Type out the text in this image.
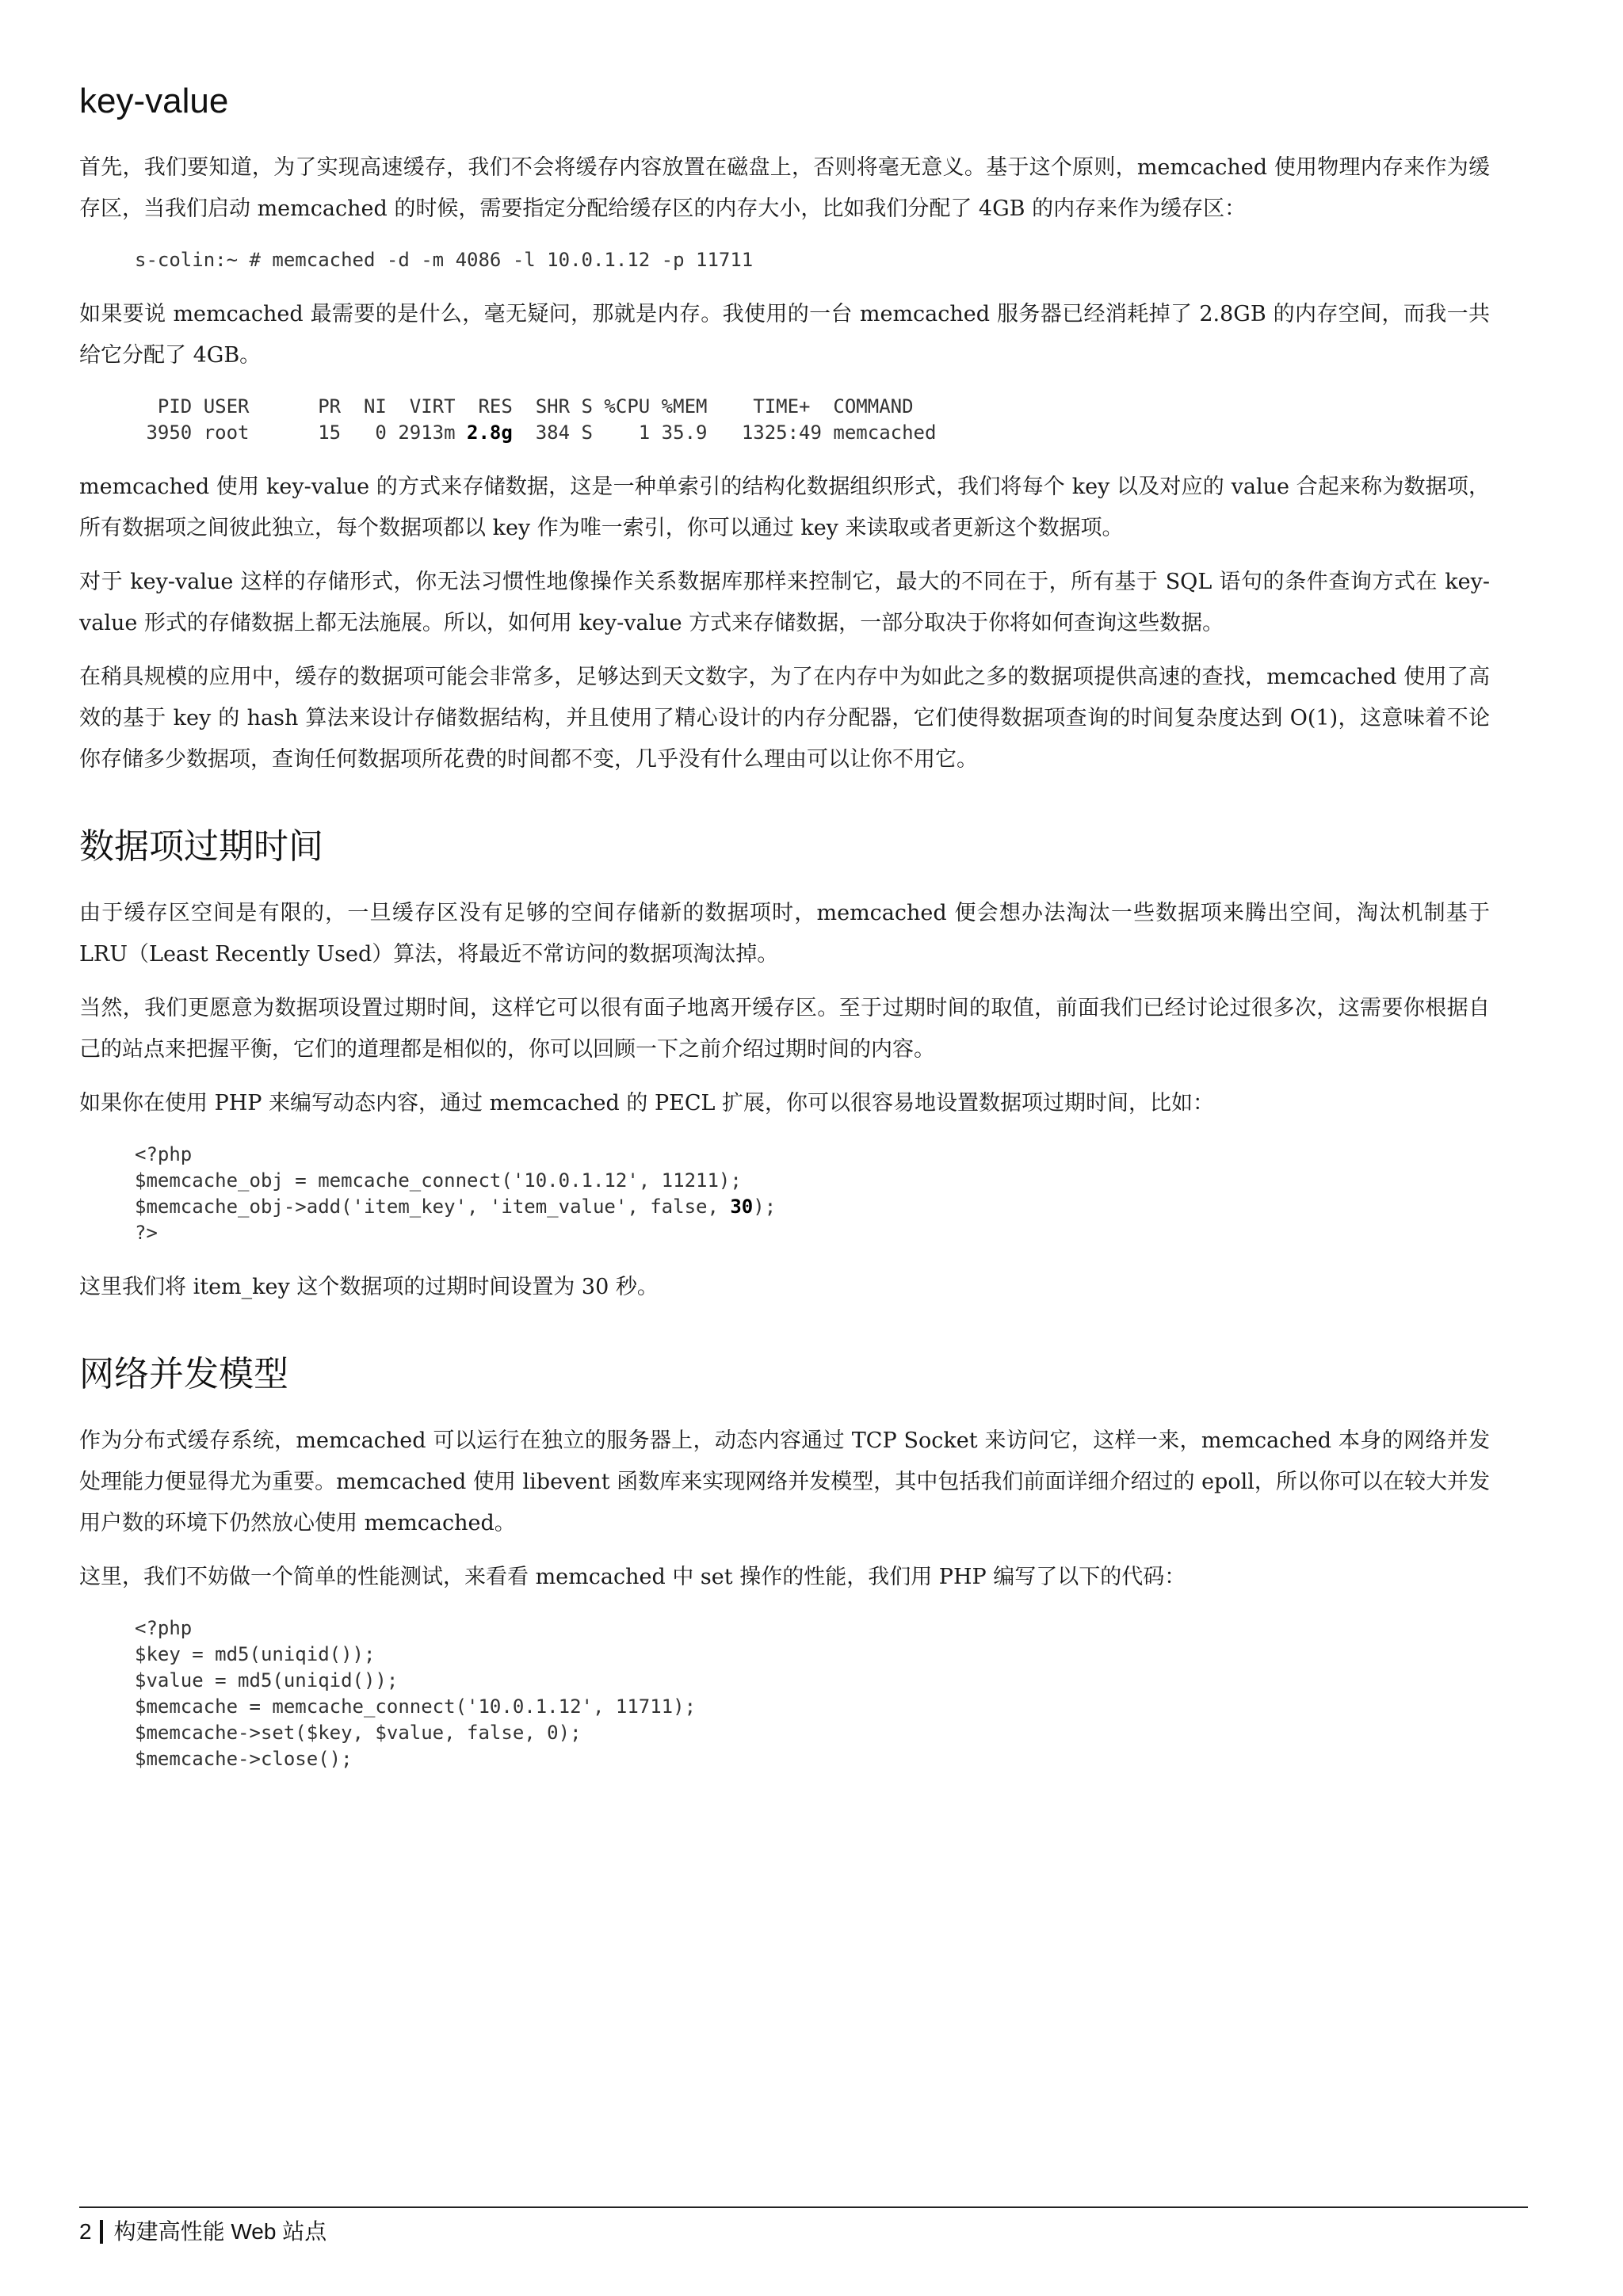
key-value

首先，我们要知道，为了实现高速缓存，我们不会将缓存内容放置在磁盘上，否则将毫无意义。基于这个原则，memcached 使用物理内存来作为缓存区，当我们启动 memcached 的时候，需要指定分配给缓存区的内存大小，比如我们分配了 4GB 的内存来作为缓存区：

s-colin:~ # memcached -d -m 4086 -l 10.0.1.12 -p 11711

如果要说 memcached 最需要的是什么，毫无疑问，那就是内存。我使用的一台 memcached 服务器已经消耗掉了 2.8GB 的内存空间，而我一共给它分配了 4GB。

PID USER      PR  NI  VIRT  RES  SHR S %CPU %MEM    TIME+  COMMAND
3950 root      15   0 2913m 2.8g  384 S    1 35.9   1325:49 memcached

memcached 使用 key-value 的方式来存储数据，这是一种单索引的结构化数据组织形式，我们将每个 key 以及对应的 value 合起来称为数据项，所有数据项之间彼此独立，每个数据项都以 key 作为唯一索引，你可以通过 key 来读取或者更新这个数据项。

对于 key-value 这样的存储形式，你无法习惯性地像操作关系数据库那样来控制它，最大的不同在于，所有基于 SQL 语句的条件查询方式在 key-value 形式的存储数据上都无法施展。所以，如何用 key-value 方式来存储数据，一部分取决于你将如何查询这些数据。

在稍具规模的应用中，缓存的数据项可能会非常多，足够达到天文数字，为了在内存中为如此之多的数据项提供高速的查找，memcached 使用了高效的基于 key 的 hash 算法来设计存储数据结构，并且使用了精心设计的内存分配器，它们使得数据项查询的时间复杂度达到 O(1)，这意味着不论你存储多少数据项，查询任何数据项所花费的时间都不变，几乎没有什么理由可以让你不用它。

数据项过期时间

由于缓存区空间是有限的，一旦缓存区没有足够的空间存储新的数据项时，memcached 便会想办法淘汰一些数据项来腾出空间，淘汰机制基于 LRU（Least Recently Used）算法，将最近不常访问的数据项淘汰掉。

当然，我们更愿意为数据项设置过期时间，这样它可以很有面子地离开缓存区。至于过期时间的取值，前面我们已经讨论过很多次，这需要你根据自己的站点来把握平衡，它们的道理都是相似的，你可以回顾一下之前介绍过期时间的内容。

如果你在使用 PHP 来编写动态内容，通过 memcached 的 PECL 扩展，你可以很容易地设置数据项过期时间，比如：

<?php
$memcache_obj = memcache_connect('10.0.1.12', 11211);
$memcache_obj->add('item_key', 'item_value', false, 30);
?>

这里我们将 item_key 这个数据项的过期时间设置为 30 秒。

网络并发模型

作为分布式缓存系统，memcached 可以运行在独立的服务器上，动态内容通过 TCP Socket 来访问它，这样一来，memcached 本身的网络并发处理能力便显得尤为重要。memcached 使用 libevent 函数库来实现网络并发模型，其中包括我们前面详细介绍过的 epoll，所以你可以在较大并发用户数的环境下仍然放心使用 memcached。

这里，我们不妨做一个简单的性能测试，来看看 memcached 中 set 操作的性能，我们用 PHP 编写了以下的代码：

<?php
$key = md5(uniqid());
$value = md5(uniqid());
$memcache = memcache_connect('10.0.1.12', 11711);
$memcache->set($key, $value, false, 0);
$memcache->close();
2 构建高性能 Web 站点
